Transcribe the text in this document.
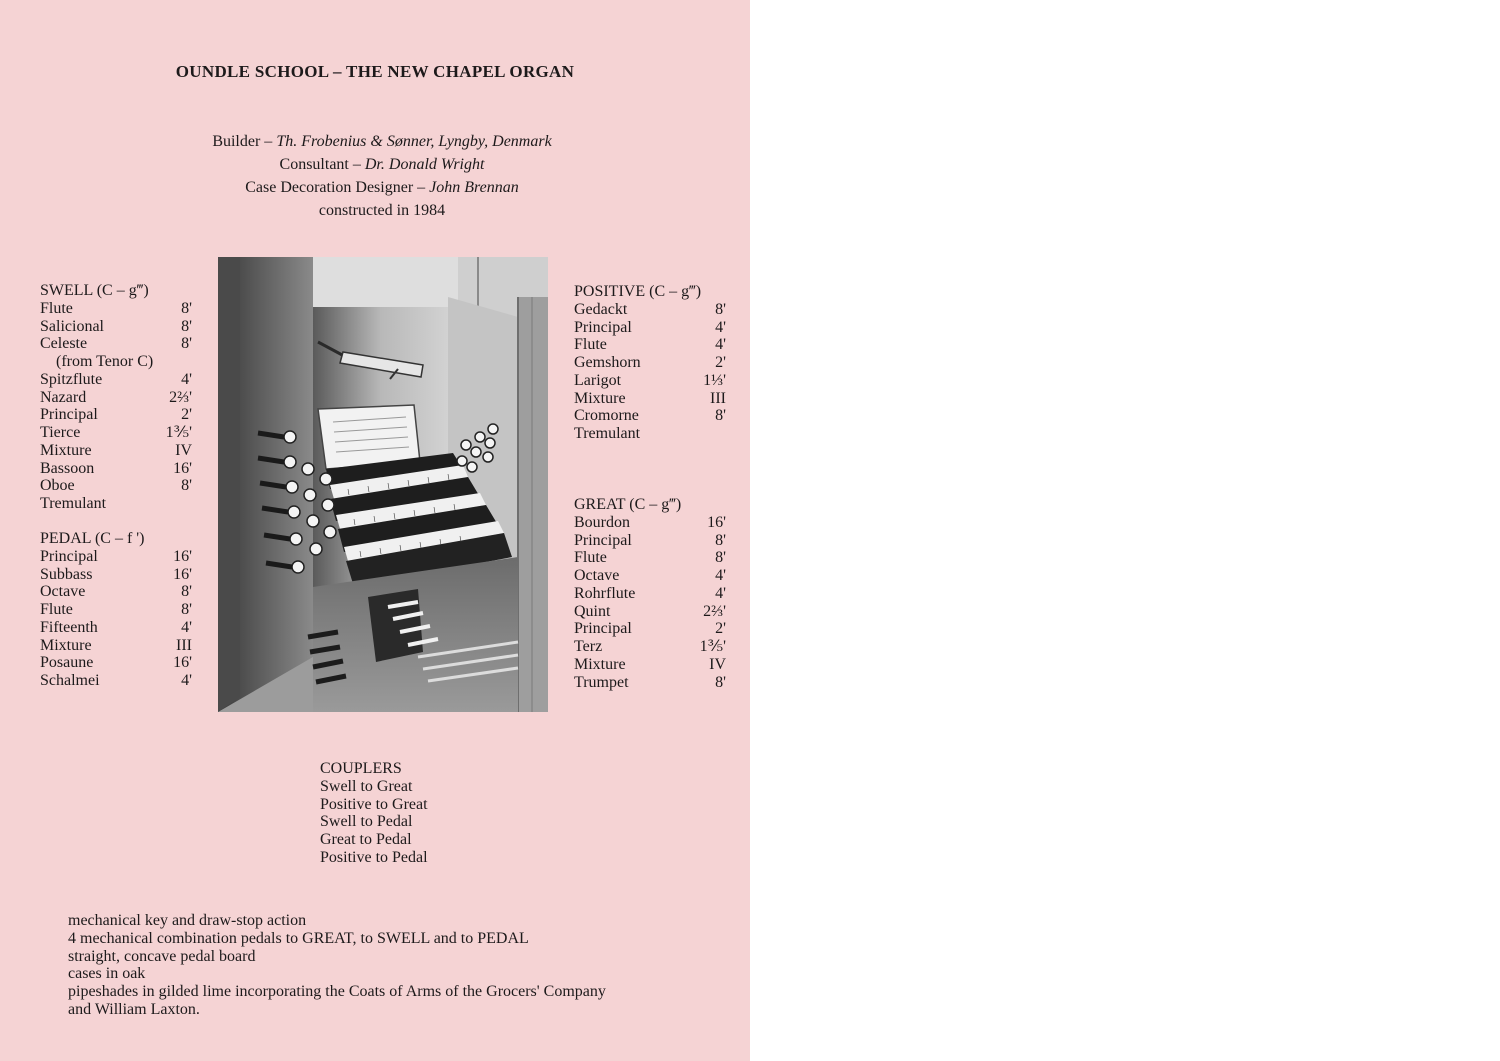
OUNDLE SCHOOL – THE NEW CHAPEL ORGAN
Builder – Th. Frobenius & Sønner, Lyngby, Denmark
Consultant – Dr. Donald Wright
Case Decoration Designer – John Brennan
constructed in 1984
SWELL (C – g‴)
Flute	8'
Salicional	8'
Celeste	8'
(from Tenor C)
Spitzflute	4'
Nazard	2⅔'
Principal	2'
Tierce	1⅗'
Mixture	IV
Bassoon	16'
Oboe	8'
Tremulant
PEDAL (C – f ')
Principal	16'
Subbass	16'
Octave	8'
Flute	8'
Fifteenth	4'
Mixture	III
Posaune	16'
Schalmei	4'
POSITIVE (C – g‴)
Gedackt	8'
Principal	4'
Flute	4'
Gemshorn	2'
Larigot	1⅓'
Mixture	III
Cromorne	8'
Tremulant
GREAT (C – g‴)
Bourdon	16'
Principal	8'
Flute	8'
Octave	4'
Rohrflute	4'
Quint	2⅔'
Principal	2'
Terz	1⅗'
Mixture	IV
Trumpet	8'
COUPLERS
Swell to Great
Positive to Great
Swell to Pedal
Great to Pedal
Positive to Pedal
mechanical key and draw-stop action
4 mechanical combination pedals to GREAT, to SWELL and to PEDAL
straight, concave pedal board
cases in oak
pipeshades in gilded lime incorporating the Coats of Arms of the Grocers' Company
and William Laxton.
